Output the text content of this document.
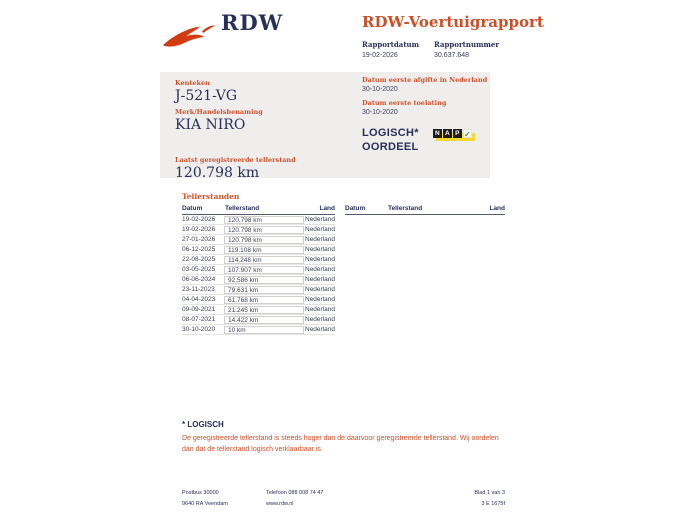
RDW	RDW-Voertuigrapport
Rapportdatum
19-02-2026
Rapportnummer
30.637.648
Kenteken
J-521-VG
Merk/Handelsbenaming
KIA NIRO
Laatst geregistreerde tellerstand
120.798 km
Datum eerste afgifte in Nederland
30-10-2020
Datum eerste toelating
30-10-2020
LOGISCH*
OORDEEL
N A P ✓
Tellerstanden
Datum	Tellerstand	Land
19-02-2026	120.798 km	Nederland
19-02-2026	120.798 km	Nederland
27-01-2026	120.798 km	Nederland
06-12-2025	119.108 km	Nederland
22-08-2025	114.248 km	Nederland
03-05-2025	107.907 km	Nederland
06-06-2024	92.586 km	Nederland
23-11-2023	79.631 km	Nederland
04-04-2023	61.768 km	Nederland
09-09-2021	21.245 km	Nederland
08-07-2021	14.422 km	Nederland
30-10-2020	10 km	Nederland
Datum	Tellerstand	Land
* LOGISCH
De geregistreerde tellerstand is steeds hoger dan de daarvoor geregistreerde tellerstand. Wij oordelen dan dat de tellerstand logisch verklaarbaar is.
Postbus 30000
9640 RA Veendam
Telefoon 088 008 74 47
www.rdw.nl
Blad 1 van 3
3 E 1675f
